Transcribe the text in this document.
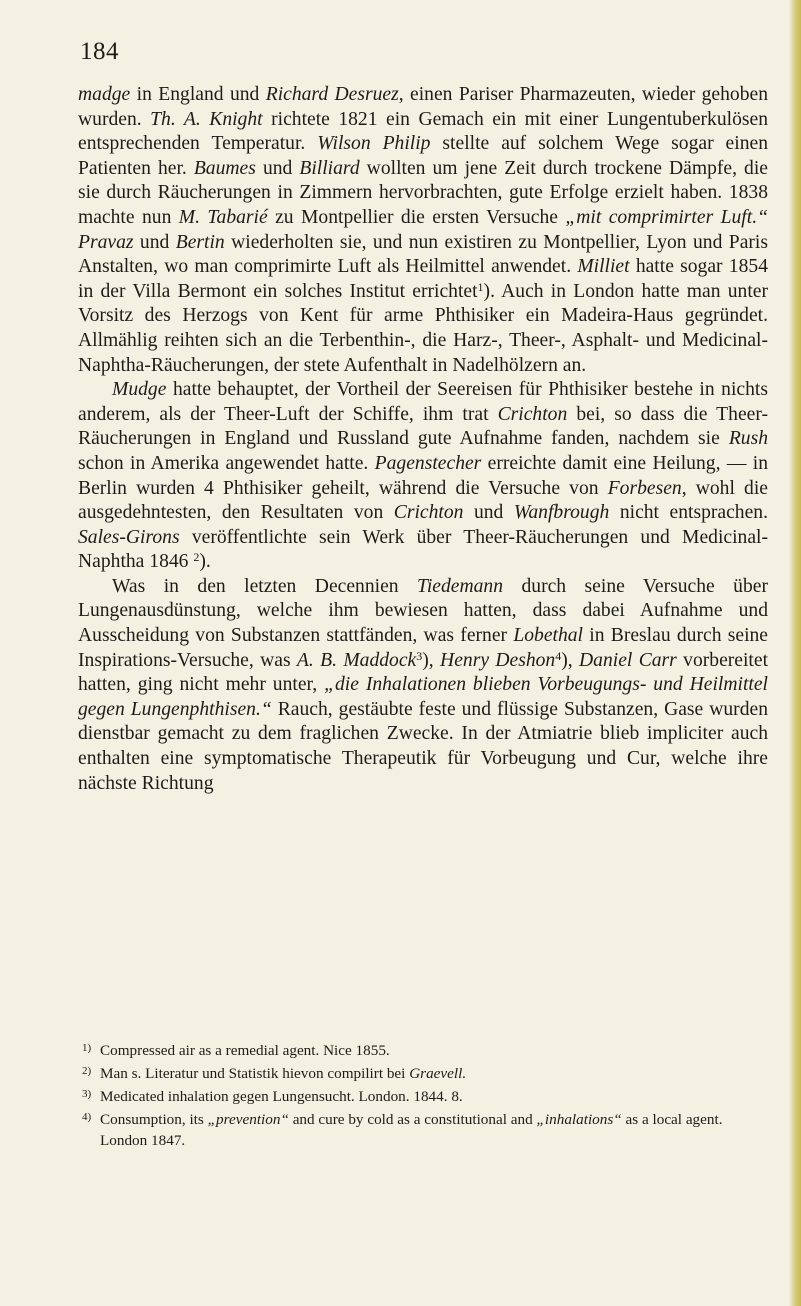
184

madge in England und Richard Desruez, einen Pariser Pharmazeuten, wieder gehoben wurden. Th. A. Knight richtete 1821 ein Gemach ein mit einer Lungentuberkulösen entsprechenden Temperatur. Wilson Philip stellte auf solchem Wege sogar einen Patienten her. Baumes und Billiard wollten um jene Zeit durch trockene Dämpfe, die sie durch Räucherungen in Zimmern hervorbrachten, gute Erfolge erzielt haben. 1838 machte nun M. Tabarié zu Montpellier die ersten Versuche „mit comprimirter Luft.“ Pravaz und Bertin wiederholten sie, und nun existiren zu Montpellier, Lyon und Paris Anstalten, wo man comprimirte Luft als Heilmittel anwendet. Milliet hatte sogar 1854 in der Villa Bermont ein solches Institut errichtet$^1$). Auch in London hatte man unter Vorsitz des Herzogs von Kent für arme Phthisiker ein Madeira-Haus gegründet. Allmählig reihten sich an die Terbenthin-, die Harz-, Theer-, Asphalt- und Medicinal-Naphtha-Räucherungen, der stete Aufenthalt in Nadelhölzern an.

Mudge hatte behauptet, der Vortheil der Seereisen für Phthisiker bestehe in nichts anderem, als der Theer-Luft der Schiffe, ihm trat Crichton bei, so dass die Theer-Räucherungen in England und Russland gute Aufnahme fanden, nachdem sie Rush schon in Amerika angewendet hatte. Pagenstecher erreichte damit eine Heilung, — in Berlin wurden 4 Phthisiker geheilt, während die Versuche von Forbesen, wohl die ausgedehntesten, den Resultaten von Crichton und Wanfbrough nicht entsprachen. Sales-Girons veröffentlichte sein Werk über Theer-Räucherungen und Medicinal-Naphtha 1846 $^2$).

Was in den letzten Decennien Tiedemann durch seine Versuche über Lungenausdünstung, welche ihm bewiesen hatten, dass dabei Aufnahme und Ausscheidung von Substanzen stattfänden, was ferner Lobethal in Breslau durch seine Inspirations-Versuche, was A. B. Maddock$^3$), Henry Deshon$^4$), Daniel Carr vorbereitet hatten, ging nicht mehr unter, „die Inhalationen blieben Vorbeugungs- und Heilmittel gegen Lungenphthisen.“ Rauch, gestäubte feste und flüssige Substanzen, Gase wurden dienstbar gemacht zu dem fraglichen Zwecke. In der Atmiatrie blieb impliciter auch enthalten eine symptomatische Therapeutik für Vorbeugung und Cur, welche ihre nächste Richtung

1) Compressed air as a remedial agent. Nice 1855.

2) Man s. Literatur und Statistik hievon compilirt bei Graevell.

3) Medicated inhalation gegen Lungensucht. London. 1844. 8.

4) Consumption, its „prevention“ and cure by cold as a constitutional and „inhalations“ as a local agent. London 1847.
